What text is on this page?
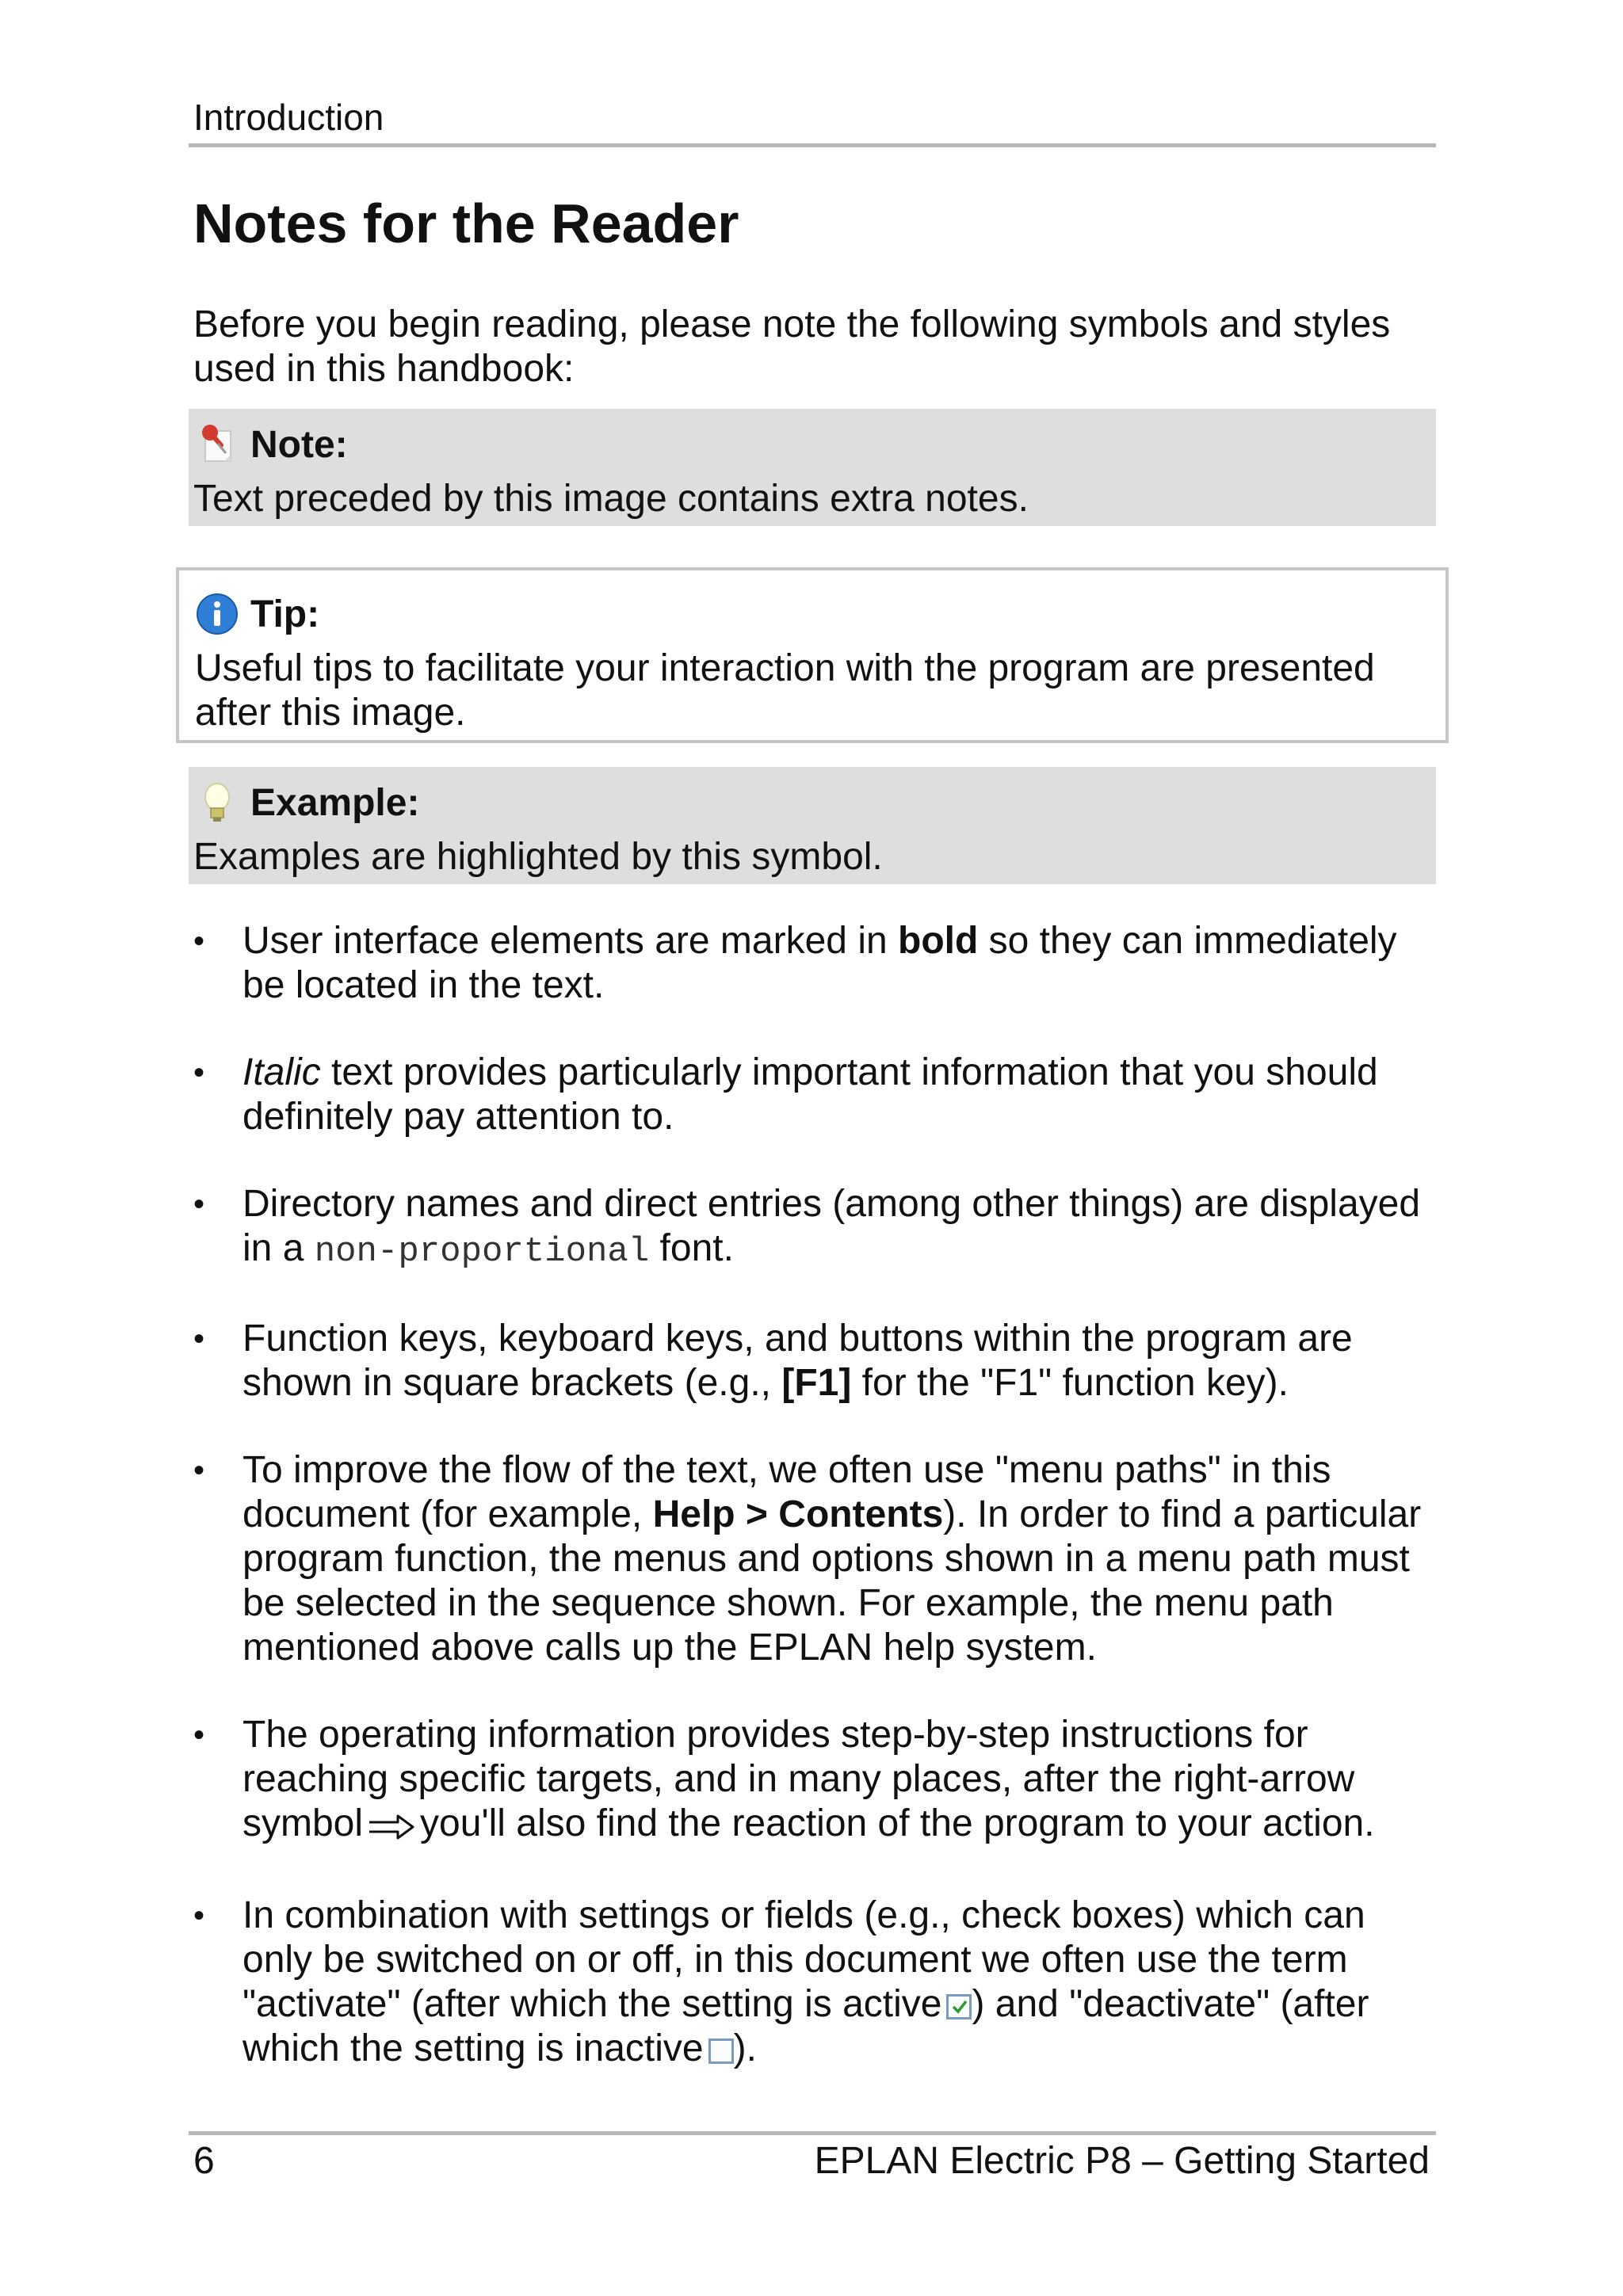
Introduction
Notes for the Reader

Before you begin reading, please note the following symbols and styles used in this handbook:

Note:
Text preceded by this image contains extra notes.
Tip:
Useful tips to facilitate your interaction with the program are presented after this image.
Example:
Examples are highlighted by this symbol.
• User interface elements are marked in bold so they can immediately be located in the text.
• Italic text provides particularly important information that you should definitely pay attention to.
• Directory names and direct entries (among other things) are displayed in a non-proportional font.
• Function keys, keyboard keys, and buttons within the program are shown in square brackets (e.g., [F1] for the "F1" function key).
• To improve the flow of the text, we often use "menu paths" in this document (for example, Help > Contents). In order to find a particular program function, the menus and options shown in a menu path must be selected in the sequence shown. For example, the menu path mentioned above calls up the EPLAN help system.
• The operating information provides step-by-step instructions for reaching specific targets, and in many places, after the right-arrow symbol you'll also find the reaction of the program to your action.
• In combination with settings or fields (e.g., check boxes) which can only be switched on or off, in this document we often use the term "activate" (after which the setting is active ) and "deactivate" (after which the setting is inactive ).
6	EPLAN Electric P8 – Getting Started
